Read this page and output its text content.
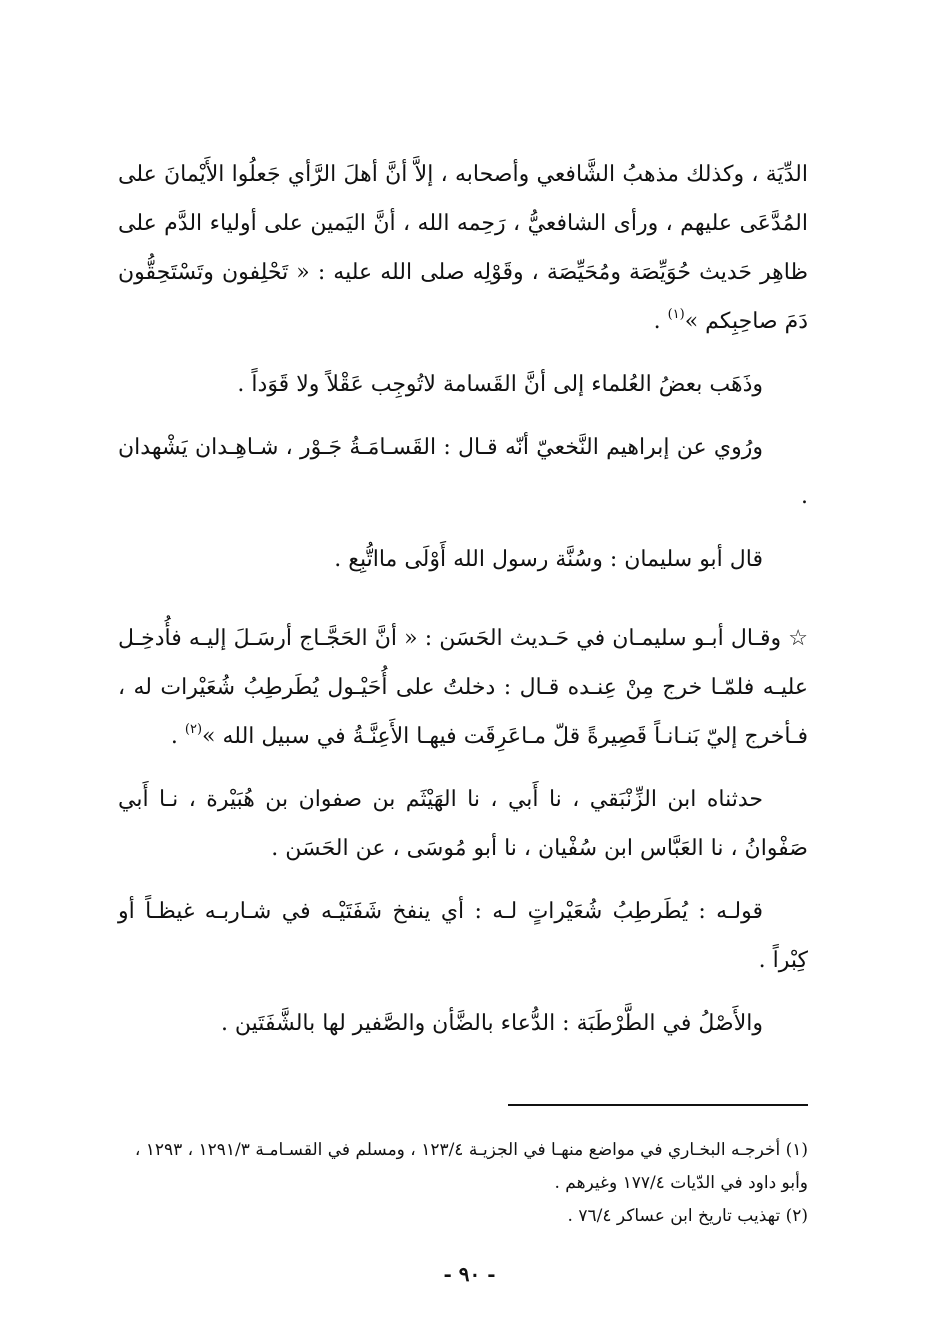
الدِّيَة ، وكذلك مذهبُ الشَّافعي وأصحابه ، إلاَّ أنَّ أهلَ الرَّأي جَعلُوا الأَيْمانَ على المُدَّعَى عليهم ، ورأى الشافعيُّ ، رَحِمه الله ، أنَّ اليَمين على أولياء الدَّم على ظاهِر حَديث حُوَيِّصَة ومُحَيِّصَة ، وقَوْلِه صلى الله عليه : « تَحْلِفون وتَسْتَحِقُّون دَمَ صاحِبِكم »$^{(١)}$ .

وذَهَب بعضُ العُلماء إلى أنَّ القَسامة لاتُوجِب عَقْلاً ولا قَوَداً .

ورُوي عن إبراهيم النَّخعيّ أنّه قـال : القَسـامَـةُ جَـوْر ، شـاهِـدان يَشْهدان .

قال أبو سليمان : وسُنَّة رسول الله أَوْلَى مااتُّبِع .

☆ وقـال أبـو سليمـان في حَـديث الحَسَن : « أنَّ الحَجَّـاج أرسَـلَ إليـه فأُدخِـل عليـه فلمّـا خرج مِنْ عِنـده قـال : دخلتُ على أُحَيْـول يُطَرطِبُ شُعَيْرات له ، فـأخرج إليّ بَنـانـاً قَصِيرةً قلّ مـاعَرِقَت فيهـا الأَعِنَّـةُ في سبيل الله »$^{(٢)}$ .

حدثناه ابن الزِّنْبَقي ، نا أَبي ، نا الهَيْثَم بن صفوان بن هُبَيْرة ، نـا أَبي صَفْوانُ ، نا العَبَّاس ابن سُفْيان ، نا أبو مُوسَى ، عن الحَسَن .

قولـه : يُطَرطِبُ شُعَيْراتٍ لـه : أي ينفخ شَفَتَيْـه في شـاربـه غيظـاً أو كِبْراً .

والأَصْلُ في الطَّرْطَبَة : الدُّعاء بالضَّأن والصَّفير لها بالشَّفَتَين .

(١) أخرجـه البخـاري في مواضع منهـا في الجزيـة ١٢٣/٤ ، ومسلم في القسـامـة ١٢٩١/٣ ، ١٢٩٣ ، وأبو داود في الدّيات ١٧٧/٤ وغيرهم .

(٢) تهذيب تاريخ ابن عساكر ٧٦/٤ .

- ٩٠ -
